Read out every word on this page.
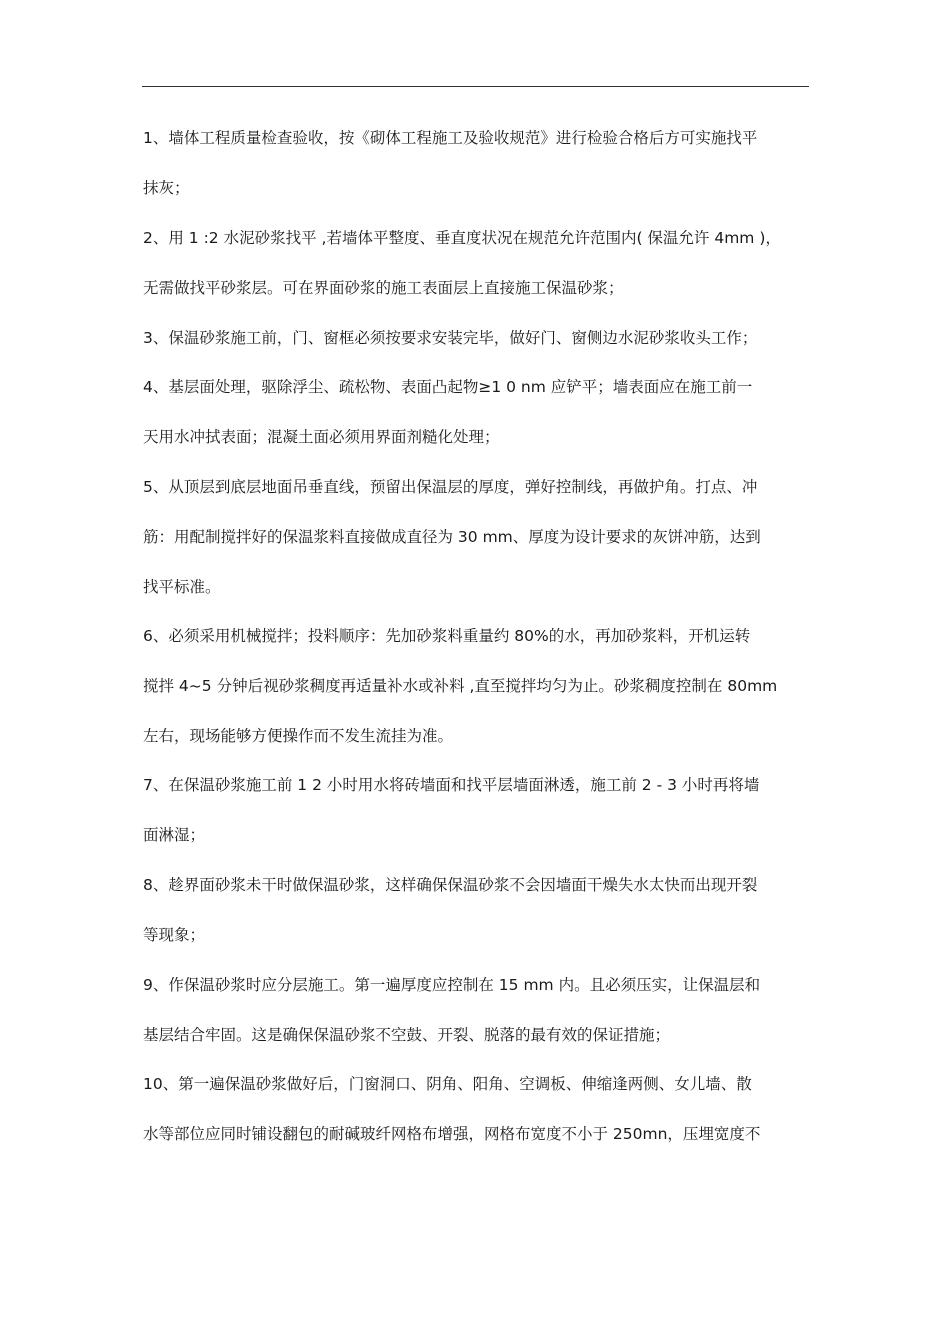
1、墙体工程质量检查验收，按《砌体工程施工及验收规范》进行检验合格后方可实施找平
抹灰；
2、用 1 :2 水泥砂浆找平 ,若墙体平整度、垂直度状况在规范允许范围内( 保温允许 4mm )，
无需做找平砂浆层。可在界面砂浆的施工表面层上直接施工保温砂浆；
3、保温砂浆施工前，门、窗框必须按要求安装完毕，做好门、窗侧边水泥砂浆收头工作；
4、基层面处理，驱除浮尘、疏松物、表面凸起物≥1 0 nm 应铲平；墙表面应在施工前一
天用水冲拭表面；混凝土面必须用界面剂糙化处理；
5、从顶层到底层地面吊垂直线，预留出保温层的厚度，弹好控制线，再做护角。打点、冲
筋：用配制搅拌好的保温浆料直接做成直径为 30 mm、厚度为设计要求的灰饼冲筋，达到
找平标准。
6、必须采用机械搅拌；投料顺序：先加砂浆料重量约 80%的水，再加砂浆料，开机运转
搅拌 4~5 分钟后视砂浆稠度再适量补水或补料 ,直至搅拌均匀为止。砂浆稠度控制在 80mm
左右，现场能够方便操作而不发生流挂为准。
7、在保温砂浆施工前 1 2 小时用水将砖墙面和找平层墙面淋透，施工前 2 - 3 小时再将墙
面淋湿；
8、趁界面砂浆未干时做保温砂浆，这样确保保温砂浆不会因墙面干燥失水太快而出现开裂
等现象；
9、作保温砂浆时应分层施工。第一遍厚度应控制在 15 mm 内。且必须压实，让保温层和
基层结合牢固。这是确保保温砂浆不空鼓、开裂、脱落的最有效的保证措施；
10、第一遍保温砂浆做好后，门窗洞口、阴角、阳角、空调板、伸缩逢两侧、女儿墙、散
水等部位应同时铺设翻包的耐碱玻纤网格布增强，网格布宽度不小于 250mn，压埋宽度不
